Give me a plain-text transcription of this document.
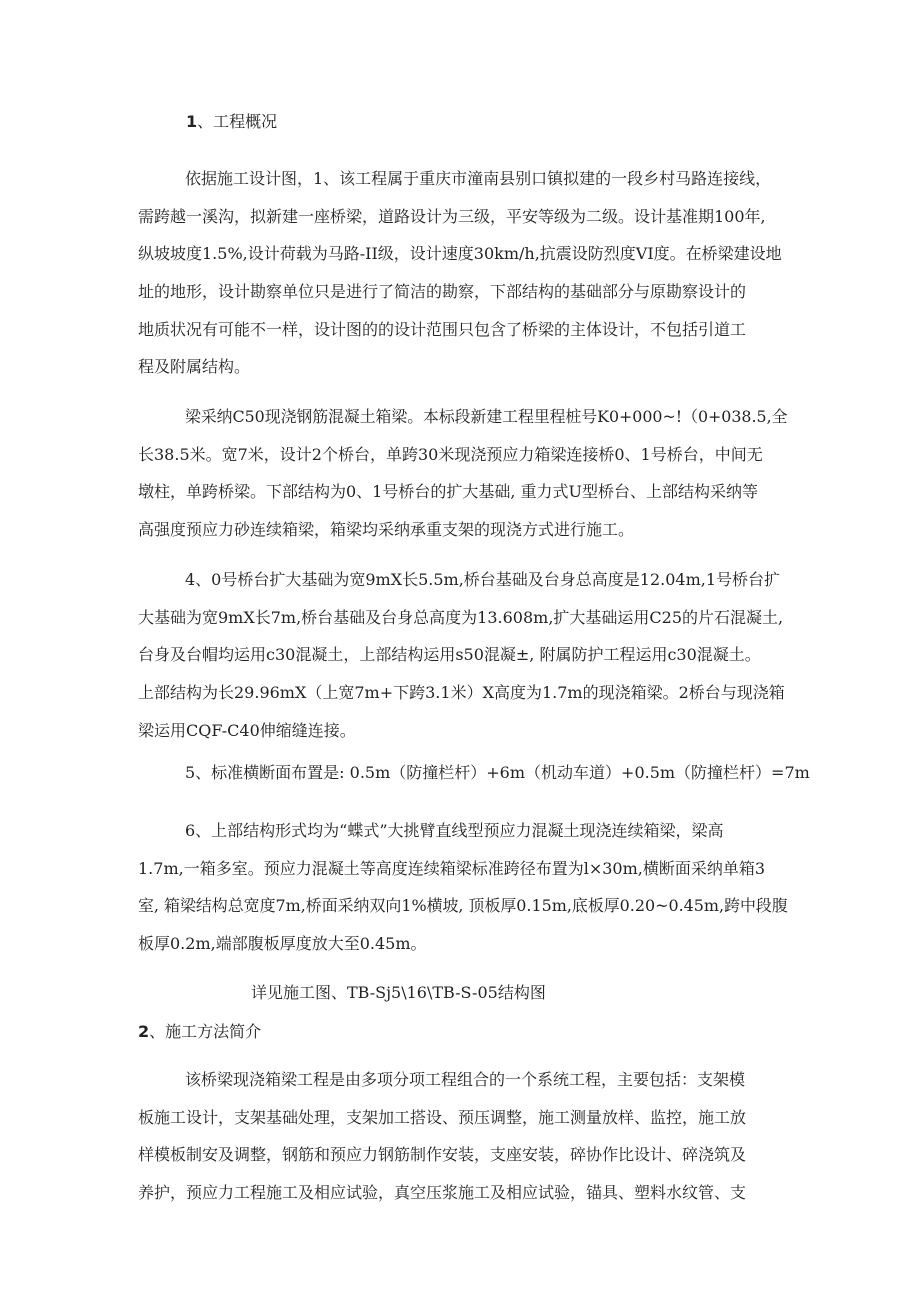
1、工程概况
依据施工设计图，1、该工程属于重庆市潼南县别口镇拟建的一段乡村马路连接线，
需跨越一溪沟，拟新建一座桥梁，道路设计为三级，平安等级为二级。设计基准期100年,
纵坡坡度1.5%,设计荷载为马路-II级，设计速度30km/h,抗震设防烈度VI度。在桥梁建设地
址的地形，设计勘察单位只是进行了简洁的勘察，下部结构的基础部分与原勘察设计的
地质状况有可能不一样，设计图的的设计范围只包含了桥梁的主体设计，不包括引道工
程及附属结构。
梁采纳C50现浇钢筋混凝土箱梁。本标段新建工程里程桩号K0+000~!（0+038.5,全
长38.5米。宽7米，设计2个桥台，单跨30米现浇预应力箱梁连接桥0、1号桥台，中间无
墩柱，单跨桥梁。下部结构为0、1号桥台的扩大基础, 重力式U型桥台、上部结构采纳等
高强度预应力砂连续箱梁，箱梁均采纳承重支架的现浇方式进行施工。
4、0号桥台扩大基础为宽9mX长5.5m,桥台基础及台身总高度是12.04m,1号桥台扩
大基础为宽9mX长7m,桥台基础及台身总高度为13.608m,扩大基础运用C25的片石混凝土,
台身及台帽均运用c30混凝土，上部结构运用s50混凝±, 附属防护工程运用c30混凝土。
上部结构为长29.96mX（上宽7m+下跨3.1米）X高度为1.7m的现浇箱梁。2桥台与现浇箱
梁运用CQF-C40伸缩缝连接。
5、标准横断面布置是: 0.5m（防撞栏杆）+6m（机动车道）+0.5m（防撞栏杆）=7m
6、上部结构形式均为“蝶式”大挑臂直线型预应力混凝土现浇连续箱梁，梁高
1.7m,一箱多室。预应力混凝土等高度连续箱梁标准跨径布置为l×30m,横断面采纳单箱3
室, 箱梁结构总宽度7m,桥面采纳双向1%横坡, 顶板厚0.15m,底板厚0.20~0.45m,跨中段腹
板厚0.2m,端部腹板厚度放大至0.45m。
详见施工图、TB-Sj5\16\TB-S-05结构图
2、施工方法简介
该桥梁现浇箱梁工程是由多项分项工程组合的一个系统工程，主要包括：支架模
板施工设计，支架基础处理，支架加工搭设、预压调整，施工测量放样、监控，施工放
样模板制安及调整，钢筋和预应力钢筋制作安装，支座安装，碎协作比设计、碎浇筑及
养护，预应力工程施工及相应试验，真空压浆施工及相应试验，锚具、塑料水纹管、支
